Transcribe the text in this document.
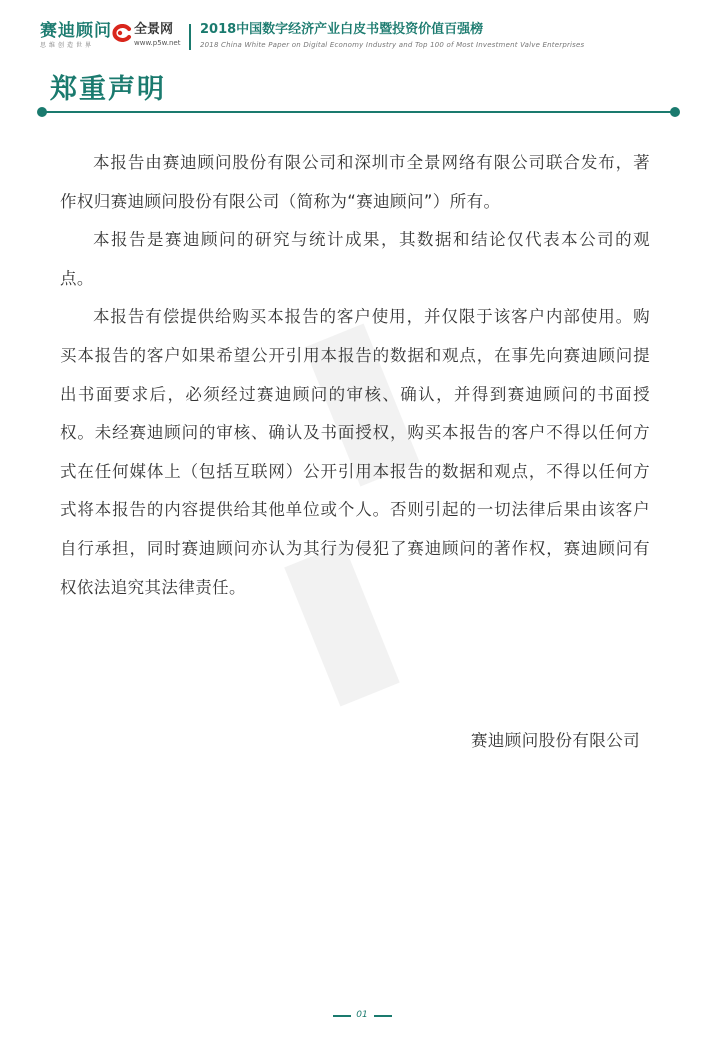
赛迪顾问
思维创造世界
全景网
www.p5w.net
2018中国数字经济产业白皮书暨投资价值百强榜
2018 China White Paper on Digital Economy Industry and Top 100 of Most Investment Valve Enterprises
郑重声明

本报告由赛迪顾问股份有限公司和深圳市全景网络有限公司联合发布，著作权归赛迪顾问股份有限公司（简称为“赛迪顾问”）所有。

本报告是赛迪顾问的研究与统计成果，其数据和结论仅代表本公司的观点。

本报告有偿提供给购买本报告的客户使用，并仅限于该客户内部使用。购买本报告的客户如果希望公开引用本报告的数据和观点，在事先向赛迪顾问提出书面要求后，必须经过赛迪顾问的审核、确认，并得到赛迪顾问的书面授权。未经赛迪顾问的审核、确认及书面授权，购买本报告的客户不得以任何方式在任何媒体上（包括互联网）公开引用本报告的数据和观点，不得以任何方式将本报告的内容提供给其他单位或个人。否则引起的一切法律后果由该客户自行承担，同时赛迪顾问亦认为其行为侵犯了赛迪顾问的著作权，赛迪顾问有权依法追究其法律责任。

赛迪顾问股份有限公司
01
